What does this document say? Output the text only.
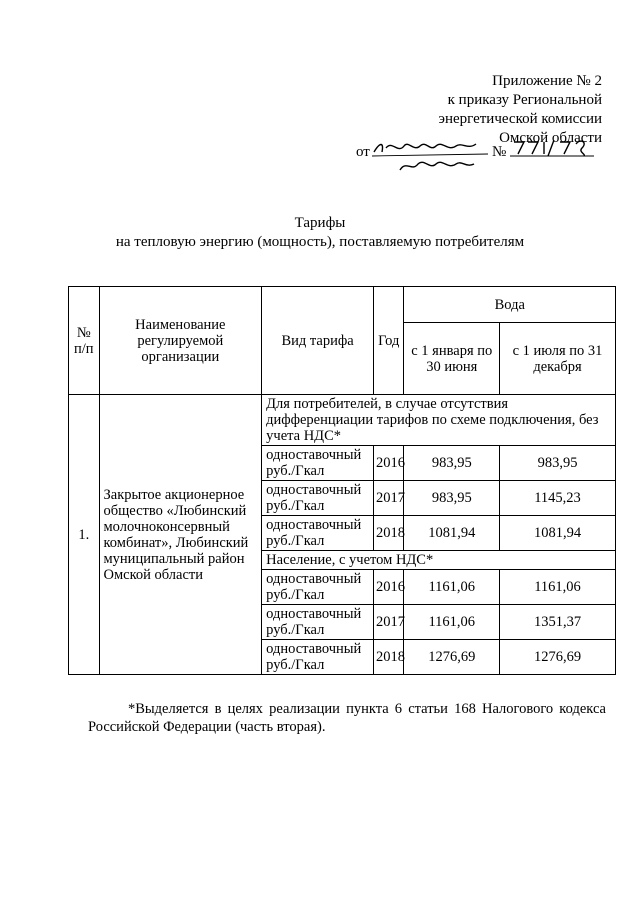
Приложение № 2
к приказу Региональной
энергетической комиссии
Омской области
от	№
Тарифы
на тепловую энергию (мощность), поставляемую потребителям
№ п/п	Наименование регулируемой организации	Вид тарифа	Год	Вода	
				с 1 января по 30 июня	с 1 июля по 31 декабря
1.	Закрытое акционерное общество «Любинский молочноконсервный комбинат», Любинский муниципальный район Омской области	Для потребителей, в случае отсутствия дифференциации тарифов по схеме подключения, без учета НДС*			
		одноставочный руб./Гкал	2016	983,95	983,95
		одноставочный руб./Гкал	2017	983,95	1145,23
		одноставочный руб./Гкал	2018	1081,94	1081,94
		Население, с учетом НДС*			
		одноставочный руб./Гкал	2016	1161,06	1161,06
		одноставочный руб./Гкал	2017	1161,06	1351,37
		одноставочный руб./Гкал	2018	1276,69	1276,69
*Выделяется в целях реализации пункта 6 статьи 168 Налогового кодекса Российской Федерации (часть вторая).
